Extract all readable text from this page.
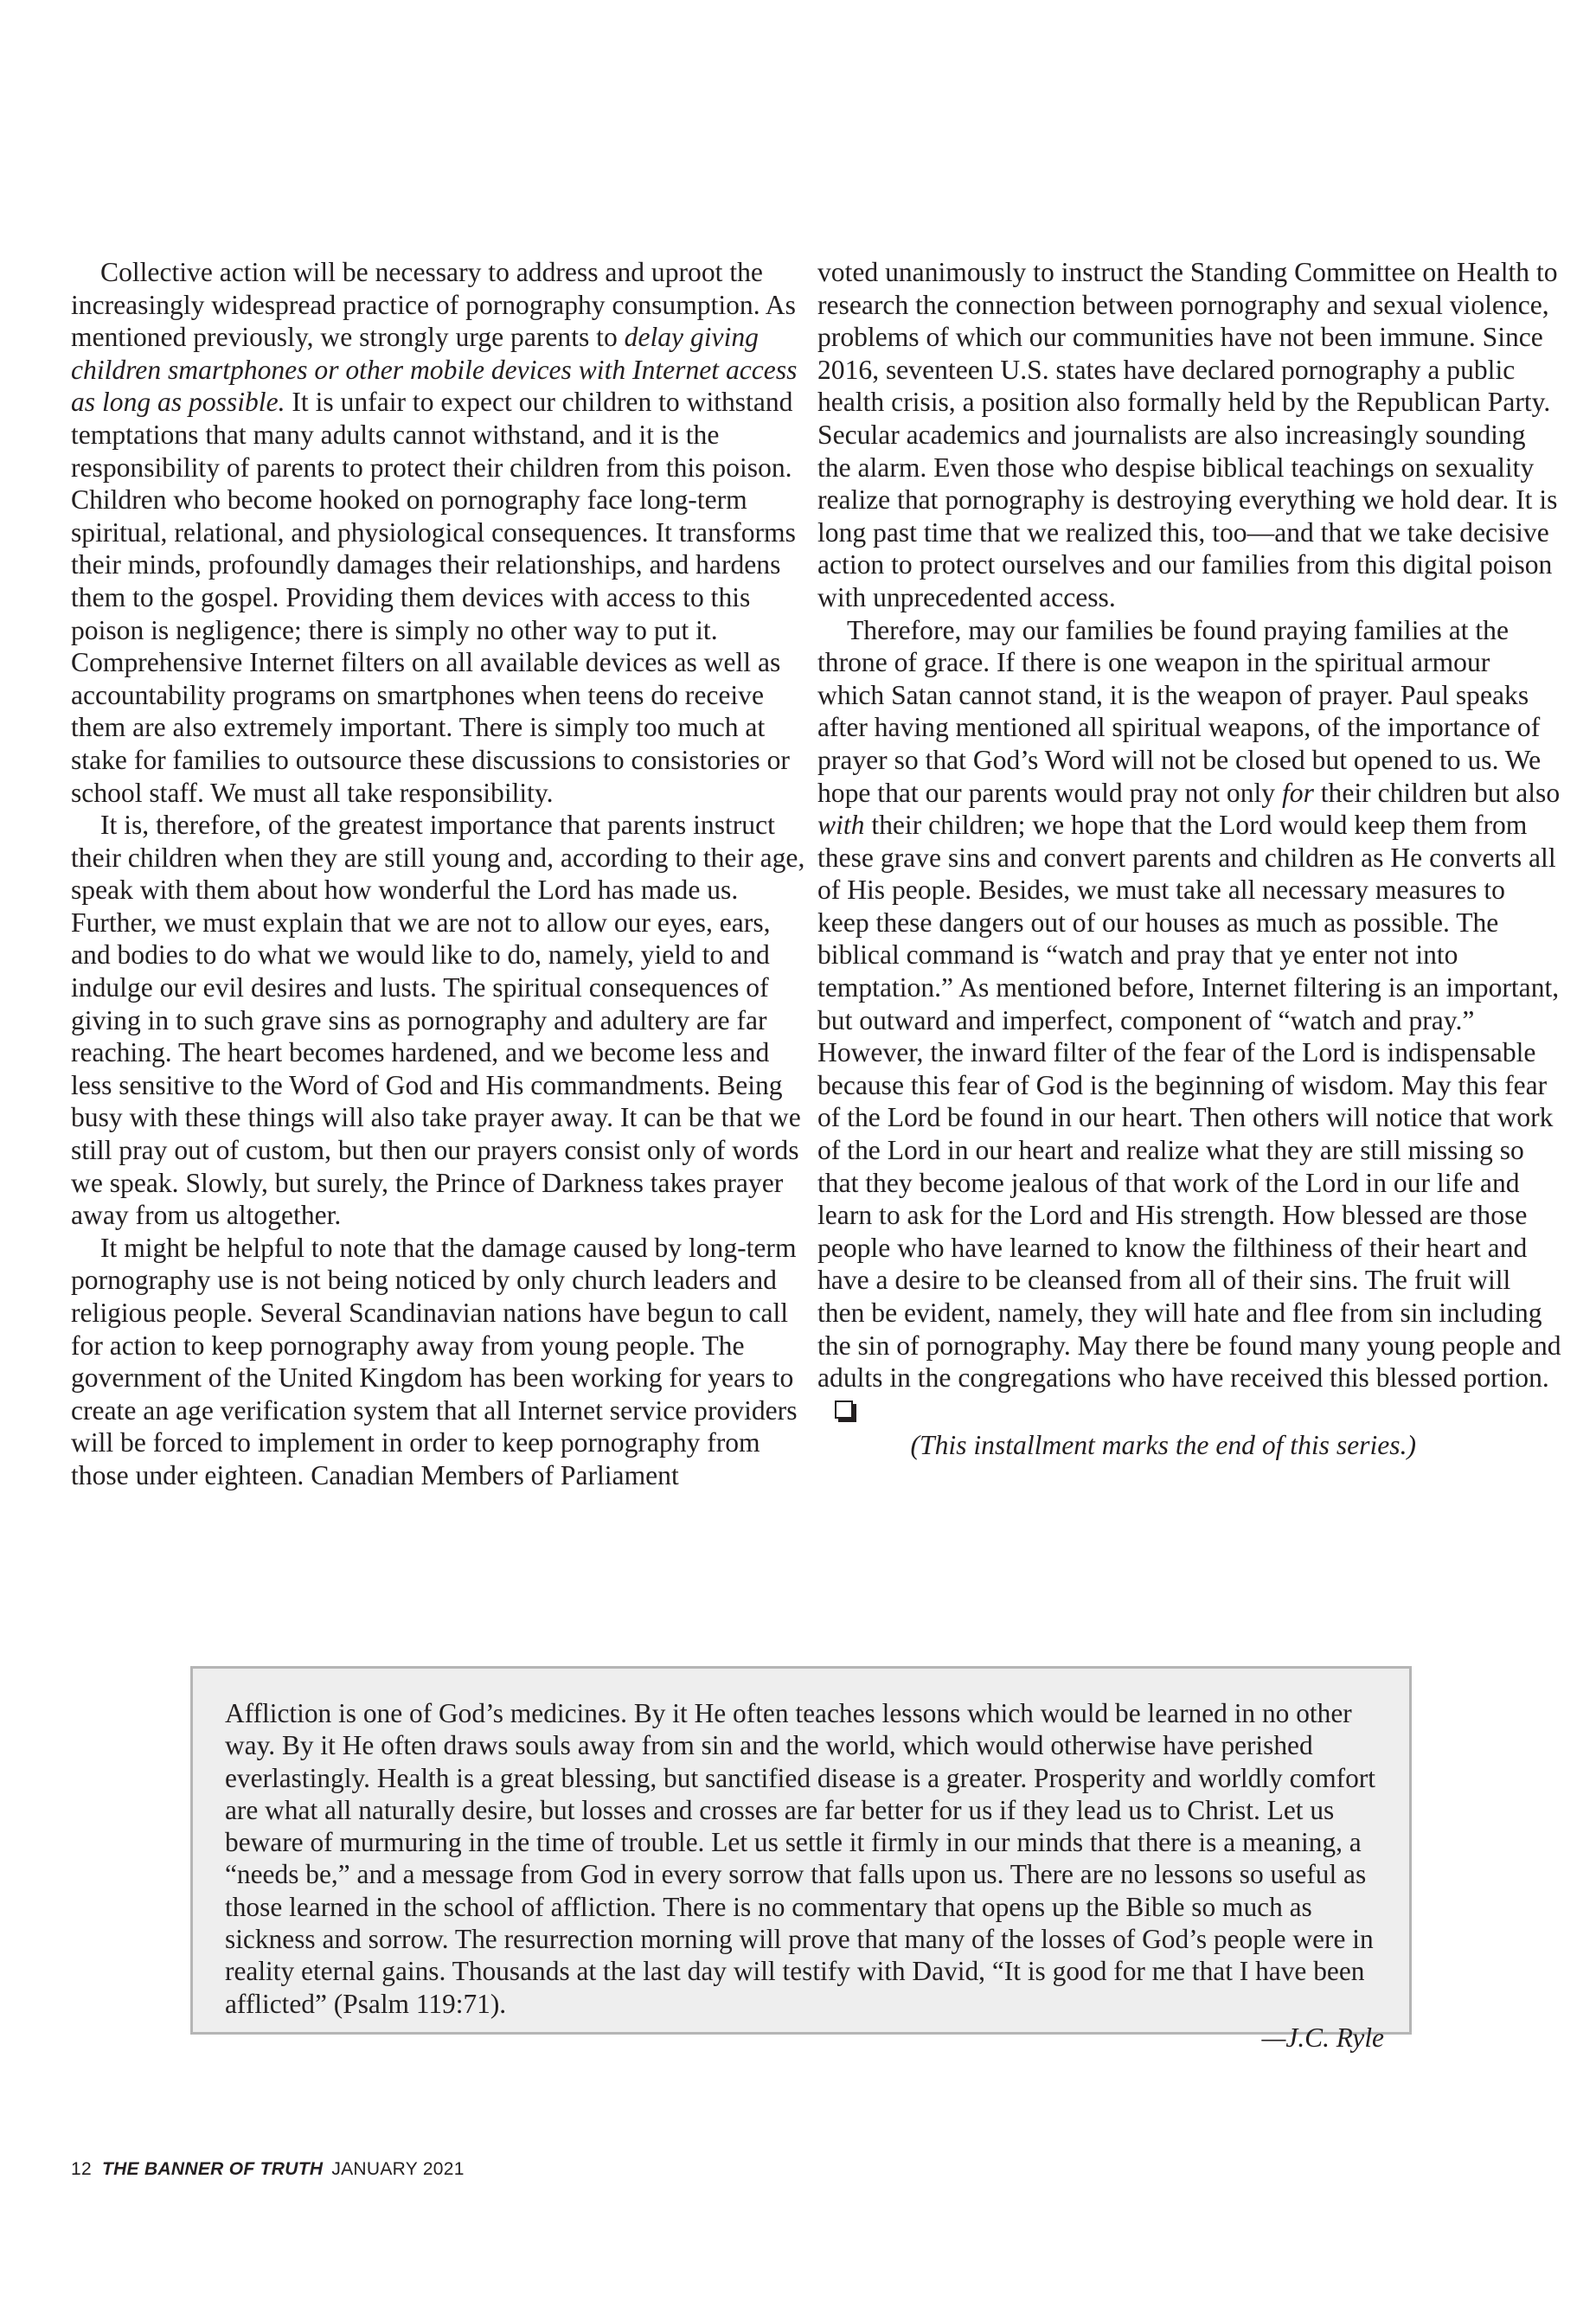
Collective action will be necessary to address and uproot the increasingly widespread practice of pornography consumption. As mentioned previously, we strongly urge parents to delay giving children smartphones or other mobile devices with Internet access as long as possible. It is unfair to expect our children to withstand temptations that many adults cannot withstand, and it is the responsibility of parents to protect their children from this poison. Children who become hooked on pornography face long-term spiritual, relational, and physiological consequences. It transforms their minds, profoundly damages their relationships, and hardens them to the gospel. Providing them devices with access to this poison is negligence; there is simply no other way to put it. Comprehensive Internet filters on all available devices as well as accountability programs on smartphones when teens do receive them are also extremely important. There is simply too much at stake for families to outsource these discussions to consistories or school staff. We must all take responsibility.

It is, therefore, of the greatest importance that parents instruct their children when they are still young and, according to their age, speak with them about how wonderful the Lord has made us. Further, we must explain that we are not to allow our eyes, ears, and bodies to do what we would like to do, namely, yield to and indulge our evil desires and lusts. The spiritual consequences of giving in to such grave sins as pornography and adultery are far reaching. The heart becomes hardened, and we become less and less sensitive to the Word of God and His commandments. Being busy with these things will also take prayer away. It can be that we still pray out of custom, but then our prayers consist only of words we speak. Slowly, but surely, the Prince of Darkness takes prayer away from us altogether.

It might be helpful to note that the damage caused by long-term pornography use is not being noticed by only church leaders and religious people. Several Scandinavian nations have begun to call for action to keep pornography away from young people. The government of the United Kingdom has been working for years to create an age verification system that all Internet service providers will be forced to implement in order to keep pornography from those under eighteen. Canadian Members of Parliament

voted unanimously to instruct the Standing Committee on Health to research the connection between pornography and sexual violence, problems of which our communities have not been immune. Since 2016, seventeen U.S. states have declared pornography a public health crisis, a position also formally held by the Republican Party. Secular academics and journalists are also increasingly sounding the alarm. Even those who despise biblical teachings on sexuality realize that pornography is destroying everything we hold dear. It is long past time that we realized this, too—and that we take decisive action to protect ourselves and our families from this digital poison with unprecedented access.

Therefore, may our families be found praying families at the throne of grace. If there is one weapon in the spiritual armour which Satan cannot stand, it is the weapon of prayer. Paul speaks after having mentioned all spiritual weapons, of the importance of prayer so that God’s Word will not be closed but opened to us. We hope that our parents would pray not only for their children but also with their children; we hope that the Lord would keep them from these grave sins and convert parents and children as He converts all of His people. Besides, we must take all necessary measures to keep these dangers out of our houses as much as possible. The biblical command is “watch and pray that ye enter not into temptation.” As mentioned before, Internet filtering is an important, but outward and imperfect, component of “watch and pray.” However, the inward filter of the fear of the Lord is indispensable because this fear of God is the beginning of wisdom. May this fear of the Lord be found in our heart. Then others will notice that work of the Lord in our heart and realize what they are still missing so that they become jealous of that work of the Lord in our life and learn to ask for the Lord and His strength. How blessed are those people who have learned to know the filthiness of their heart and have a desire to be cleansed from all of their sins. The fruit will then be evident, namely, they will hate and flee from sin including the sin of pornography. May there be found many young people and adults in the congregations who have received this blessed portion.

(This installment marks the end of this series.)

Affliction is one of God’s medicines. By it He often teaches lessons which would be learned in no other way. By it He often draws souls away from sin and the world, which would otherwise have perished everlastingly. Health is a great blessing, but sanctified disease is a greater. Prosperity and worldly comfort are what all naturally desire, but losses and crosses are far better for us if they lead us to Christ. Let us beware of murmuring in the time of trouble. Let us settle it firmly in our minds that there is a meaning, a “needs be,” and a message from God in every sorrow that falls upon us. There are no lessons so useful as those learned in the school of affliction. There is no commentary that opens up the Bible so much as sickness and sorrow. The resurrection morning will prove that many of the losses of God’s people were in reality eternal gains. Thousands at the last day will testify with David, “It is good for me that I have been afflicted” (Psalm 119:71).

—J.C. Ryle

12 THE BANNER OF TRUTH JANUARY 2021
